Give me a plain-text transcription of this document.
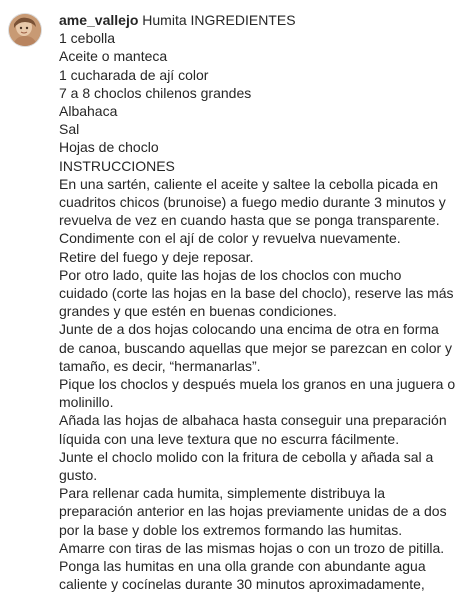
ame_vallejo Humita INGREDIENTES
1 cebolla
Aceite o manteca
1 cucharada de ají color
7 a 8 choclos chilenos grandes
Albahaca
Sal
Hojas de choclo
INSTRUCCIONES
En una sartén, caliente el aceite y saltee la cebolla picada en
cuadritos chicos (brunoise) a fuego medio durante 3 minutos y
revuelva de vez en cuando hasta que se ponga transparente.
Condimente con el ají de color y revuelva nuevamente.
Retire del fuego y deje reposar.
Por otro lado, quite las hojas de los choclos con mucho
cuidado (corte las hojas en la base del choclo), reserve las más
grandes y que estén en buenas condiciones.
Junte de a dos hojas colocando una encima de otra en forma
de canoa, buscando aquellas que mejor se parezcan en color y
tamaño, es decir, “hermanarlas”.
Pique los choclos y después muela los granos en una juguera o
molinillo.
Añada las hojas de albahaca hasta conseguir una preparación
líquida con una leve textura que no escurra fácilmente.
Junte el choclo molido con la fritura de cebolla y añada sal a
gusto.
Para rellenar cada humita, simplemente distribuya la
preparación anterior en las hojas previamente unidas de a dos
por la base y doble los extremos formando las humitas.
Amarre con tiras de las mismas hojas o con un trozo de pitilla.
Ponga las humitas en una olla grande con abundante agua
caliente y cocínelas durante 30 minutos aproximadamente,
